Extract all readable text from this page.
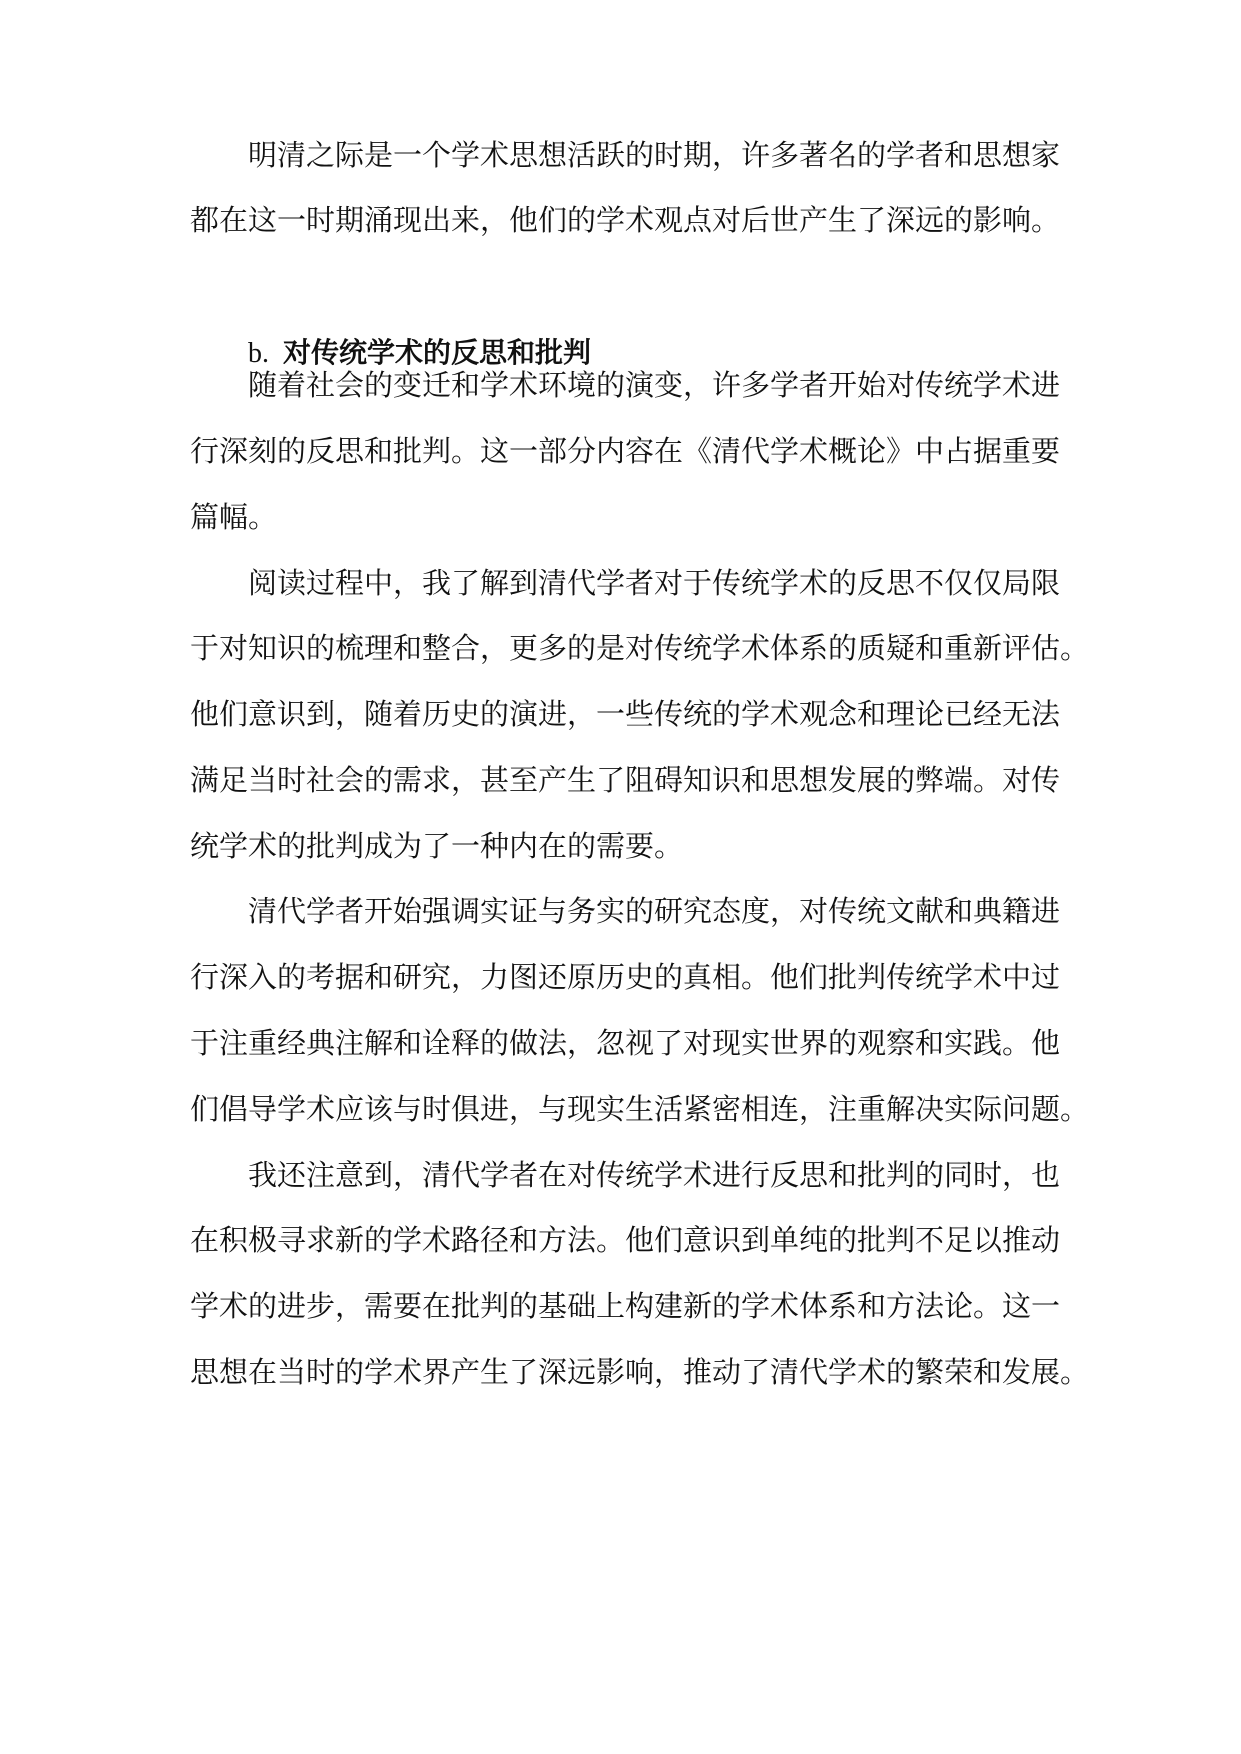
明清之际是一个学术思想活跃的时期，许多著名的学者和思想家
都在这一时期涌现出来，他们的学术观点对后世产生了深远的影响。
b. 对传统学术的反思和批判
随着社会的变迁和学术环境的演变，许多学者开始对传统学术进
行深刻的反思和批判。这一部分内容在《清代学术概论》中占据重要
篇幅。
阅读过程中，我了解到清代学者对于传统学术的反思不仅仅局限
于对知识的梳理和整合，更多的是对传统学术体系的质疑和重新评估。
他们意识到，随着历史的演进，一些传统的学术观念和理论已经无法
满足当时社会的需求，甚至产生了阻碍知识和思想发展的弊端。对传
统学术的批判成为了一种内在的需要。
清代学者开始强调实证与务实的研究态度，对传统文献和典籍进
行深入的考据和研究，力图还原历史的真相。他们批判传统学术中过
于注重经典注解和诠释的做法，忽视了对现实世界的观察和实践。他
们倡导学术应该与时俱进，与现实生活紧密相连，注重解决实际问题。
我还注意到，清代学者在对传统学术进行反思和批判的同时，也
在积极寻求新的学术路径和方法。他们意识到单纯的批判不足以推动
学术的进步，需要在批判的基础上构建新的学术体系和方法论。这一
思想在当时的学术界产生了深远影响，推动了清代学术的繁荣和发展。
